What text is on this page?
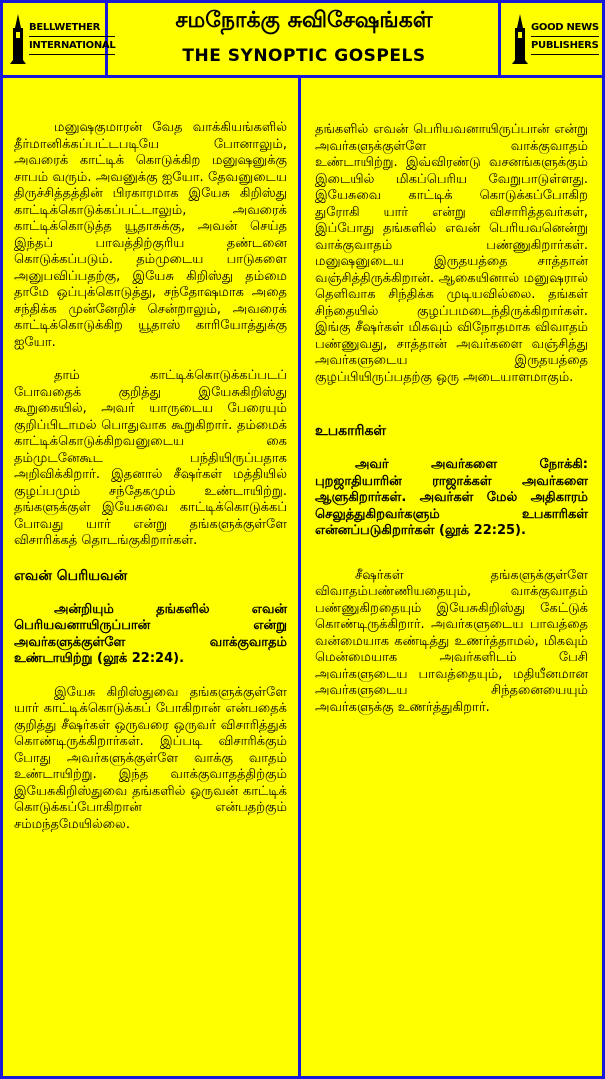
BELLWETHER
INTERNATIONAL
சமநோக்கு சுவிசேஷங்கள்
THE SYNOPTIC GOSPELS
GOOD NEWS
PUBLISHERS

மனுஷகுமாரன் வேத வாக்கியங்களில் தீர்மானிக்கப்பட்டபடியே போனாலும், அவரைக் காட்டிக் கொடுக்கிற மனுஷனுக்கு சாபம் வரும். அவனுக்கு ஐயோ. தேவனுடைய திருச்சித்தத்தின் பிரகாரமாக இயேசு கிறிஸ்து காட்டிக்கொடுக்கப்பட்டாலும், அவரைக் காட்டிக்கொடுத்த யூதாசுக்கு, அவன் செய்த இந்தப் பாவத்திற்குரிய தண்டனை கொடுக்கப்படும். தம்முடைய பாடுகளை அனுபவிப்பதற்கு, இயேசு கிறிஸ்து தம்மை தாமே ஒப்புக்கொடுத்து, சந்தோஷமாக அதை சந்திக்க முன்னேறிச் சென்றாலும், அவரைக் காட்டிக்கொடுக்கிற யூதாஸ் காரியோத்துக்கு ஐயோ.

தாம் காட்டிக்கொடுக்கப்படப் போவதைக் குறித்து இயேசுகிறிஸ்து கூறுகையில், அவர் யாருடைய பேரையும் குறிப்பிடாமல் பொதுவாக கூறுகிறார். தம்மைக் காட்டிக்கொடுக்கிறவனுடைய கை தம்முடனேகூட பந்தியிருப்பதாக அறிவிக்கிறார். இதனால் சீஷர்கள் மத்தியில் குழப்பமும் சந்தேகமும் உண்டாயிற்று. தங்களுக்குள் இயேசுவை காட்டிக்கொடுக்கப் போவது யார் என்று தங்களுக்குள்ளே விசாரிக்கத் தொடங்குகிறார்கள்.

எவன் பெரியவன்

அன்றியும் தங்களில் எவன் பெரியவனாயிருப்பான் என்று அவர்களுக்குள்ளே வாக்குவாதம் உண்டாயிற்று (லூக் 22:24).

இயேசு கிறிஸ்துவை தங்களுக்குள்ளே யார் காட்டிக்கொடுக்கப் போகிறான் என்பதைக் குறித்து சீஷர்கள் ஒருவரை ஒருவர் விசாரித்துக் கொண்டிருக்கிறார்கள். இப்படி விசாரிக்கும் போது அவர்களுக்குள்ளே வாக்கு வாதம் உண்டாயிற்று. இந்த வாக்குவாதத்திற்கும் இயேசுகிறிஸ்துவை தங்களில் ஒருவன் காட்டிக் கொடுக்கப்போகிறான் என்பதற்கும் சம்மந்தமேயில்லை.

தங்களில் எவன் பெரியவனாயிருப்பான் என்று அவர்களுக்குள்ளே வாக்குவாதம் உண்டாயிற்று. இவ்விரண்டு வசனங்களுக்கும் இடையில் மிகப்பெரிய வேறுபாடுள்ளது. இயேசுவை காட்டிக் கொடுக்கப்போகிற துரோகி யார் என்று விசாரித்தவர்கள், இப்போது தங்களில் எவன் பெரியவனென்று வாக்குவாதம் பண்ணுகிறார்கள். மனுஷனுடைய இருதயத்தை சாத்தான் வஞ்சித்திருக்கிறான். ஆகையினால் மனுஷரால் தெளிவாக சிந்திக்க முடியவில்லை. தங்கள் சிந்தையில் குழப்பமடைந்திருக்கிறார்கள். இங்கு சீஷர்கள் மிகவும் விநோதமாக விவாதம் பண்ணுவது, சாத்தான் அவர்களை வஞ்சித்து அவர்களுடைய இருதயத்தை குழப்பியிருப்பதற்கு ஒரு அடையாளமாகும்.

உபகாரிகள்

அவர் அவர்களை நோக்கி: புறஜாதியாரின் ராஜாக்கள் அவர்களை ஆளுகிறார்கள். அவர்கள் மேல் அதிகாரம் செலுத்துகிறவர்களும் உபகாரிகள் என்னப்படுகிறார்கள் (லூக் 22:25).

சீஷர்கள் தங்களுக்குள்ளே விவாதம்பண்ணியதையும், வாக்குவாதம் பண்ணுகிறதையும் இயேசுகிறிஸ்து கேட்டுக் கொண்டிருக்கிறார். அவர்களுடைய பாவத்தை வன்மையாக கண்டித்து உணர்த்தாமல், மிகவும் மென்மையாக அவர்களிடம் பேசி அவர்களுடைய பாவத்தையும், மதியீனமான அவர்களுடைய சிந்தனையையும் அவர்களுக்கு உணர்த்துகிறார்.
